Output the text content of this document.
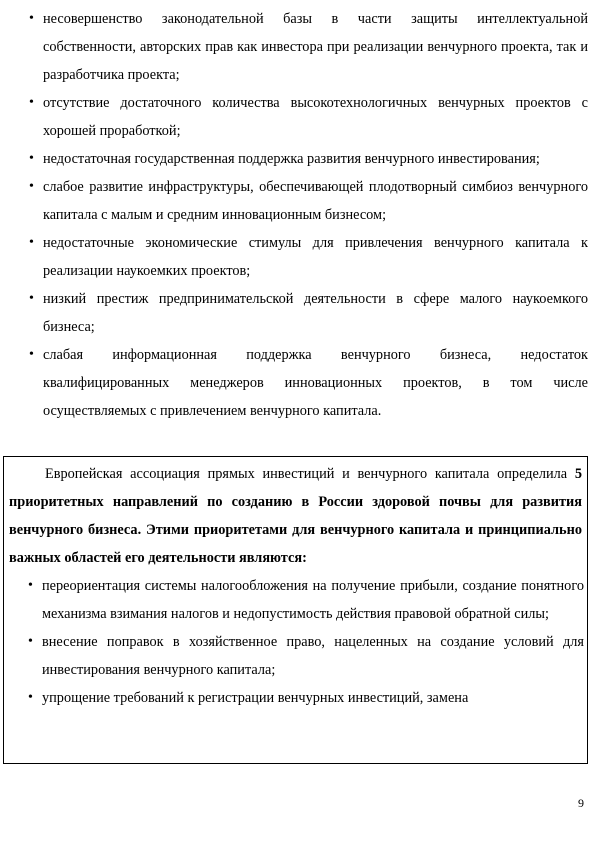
• несовершенство законодательной базы в части защиты интеллектуальной собственности, авторских прав как инвестора при реализации венчурного проекта, так и разработчика проекта;
• отсутствие достаточного количества высокотехнологичных венчурных проектов с хорошей проработкой;
• недостаточная государственная поддержка развития венчурного инвестирования;
• слабое развитие инфраструктуры, обеспечивающей плодотворный симбиоз венчурного капитала с малым и средним инновационным бизнесом;
• недостаточные экономические стимулы для привлечения венчурного капитала к реализации наукоемких проектов;
• низкий престиж предпринимательской деятельности в сфере малого наукоемкого бизнеса;
• слабая информационная поддержка венчурного бизнеса, недостаток квалифицированных менеджеров инновационных проектов, в том числе осуществляемых с привлечением венчурного капитала.

Европейская ассоциация прямых инвестиций и венчурного капитала определила 5 приоритетных направлений по созданию в России здоровой почвы для развития венчурного бизнеса. Этими приоритетами для венчурного капитала и принципиально важных областей его деятельности являются:

• переориентация системы налогообложения на получение прибыли, создание понятного механизма взимания налогов и недопустимость действия правовой обратной силы;
• внесение поправок в хозяйственное право, нацеленных на создание условий для инвестирования венчурного капитала;
• упрощение требований к регистрации венчурных инвестиций, замена
9
